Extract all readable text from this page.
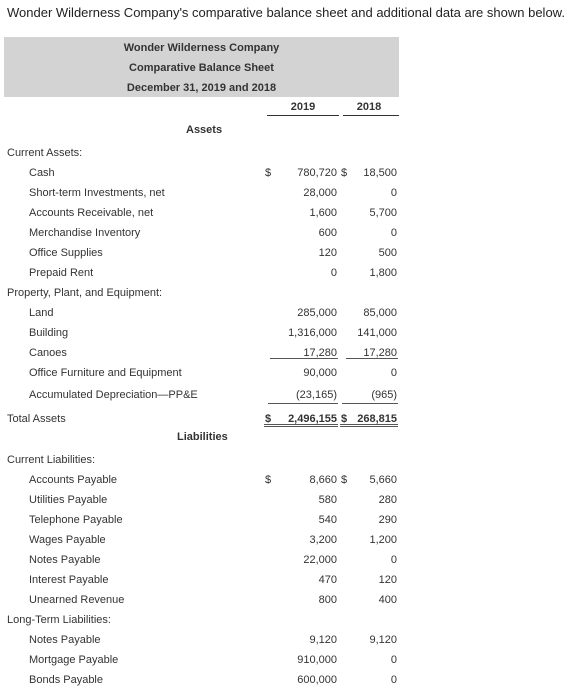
Wonder Wilderness Company's comparative balance sheet and additional data are shown below.
Wonder Wilderness Company
Comparative Balance Sheet
December 31, 2019 and 2018
2019	2018
Assets
Liabilities
Current Assets:
Cash	$ 780,720 $ 18,500
Short-term Investments, net	28,000	0
Accounts Receivable, net	1,600	5,700
Merchandise Inventory	600	0
Office Supplies	120	500
Prepaid Rent	0	1,800
Property, Plant, and Equipment:
Land	285,000 85,000
Building	1,316,000 141,000
Canoes	17,280 17,280
Office Furniture and Equipment	90,000	0
Accumulated Depreciation—PP&E	(23,165)	(965)
Total Assets	$ 2,496,155 $ 268,815
Current Liabilities:
Accounts Payable	$	8,660 $ 5,660
Utilities Payable	580	280
Telephone Payable	540	290
Wages Payable	3,200	1,200
Notes Payable	22,000	0
Interest Payable	470	120
Unearned Revenue	800	400
Long-Term Liabilities:
Notes Payable	9,120	9,120
Mortgage Payable	910,000	0
Bonds Payable	600,000	0
